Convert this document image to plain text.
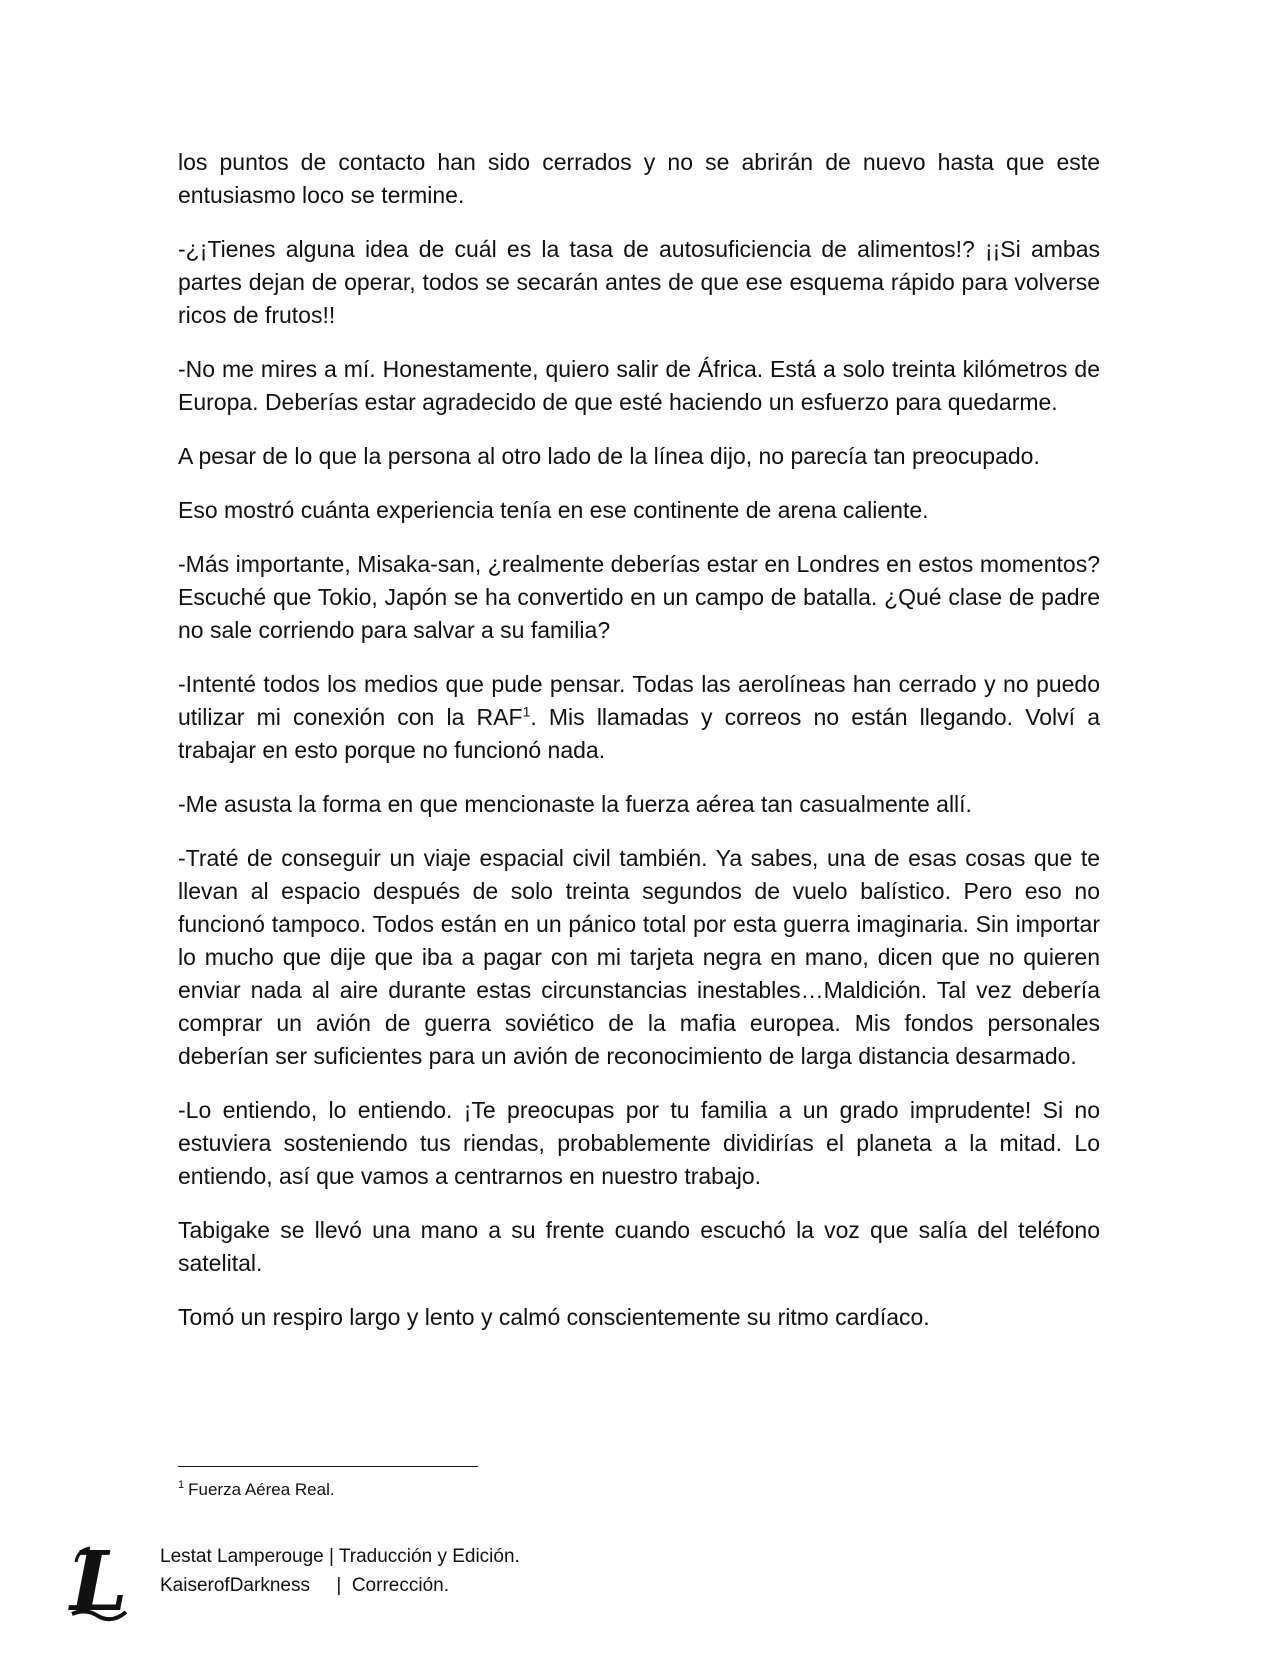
los puntos de contacto han sido cerrados y no se abrirán de nuevo hasta que este entusiasmo loco se termine.

-¿¡Tienes alguna idea de cuál es la tasa de autosuficiencia de alimentos!? ¡¡Si ambas partes dejan de operar, todos se secarán antes de que ese esquema rápido para volverse ricos de frutos!!

-No me mires a mí. Honestamente, quiero salir de África. Está a solo treinta kilómetros de Europa. Deberías estar agradecido de que esté haciendo un esfuerzo para quedarme.

A pesar de lo que la persona al otro lado de la línea dijo, no parecía tan preocupado.

Eso mostró cuánta experiencia tenía en ese continente de arena caliente.

-Más importante, Misaka-san, ¿realmente deberías estar en Londres en estos momentos? Escuché que Tokio, Japón se ha convertido en un campo de batalla. ¿Qué clase de padre no sale corriendo para salvar a su familia?

-Intenté todos los medios que pude pensar. Todas las aerolíneas han cerrado y no puedo utilizar mi conexión con la RAF$^1$. Mis llamadas y correos no están llegando. Volví a trabajar en esto porque no funcionó nada.

-Me asusta la forma en que mencionaste la fuerza aérea tan casualmente allí.

-Traté de conseguir un viaje espacial civil también. Ya sabes, una de esas cosas que te llevan al espacio después de solo treinta segundos de vuelo balístico. Pero eso no funcionó tampoco. Todos están en un pánico total por esta guerra imaginaria. Sin importar lo mucho que dije que iba a pagar con mi tarjeta negra en mano, dicen que no quieren enviar nada al aire durante estas circunstancias inestables…Maldición. Tal vez debería comprar un avión de guerra soviético de la mafia europea. Mis fondos personales deberían ser suficientes para un avión de reconocimiento de larga distancia desarmado.

-Lo entiendo, lo entiendo. ¡Te preocupas por tu familia a un grado imprudente! Si no estuviera sosteniendo tus riendas, probablemente dividirías el planeta a la mitad. Lo entiendo, así que vamos a centrarnos en nuestro trabajo.

Tabigake se llevó una mano a su frente cuando escuchó la voz que salía del teléfono satelital.

Tomó un respiro largo y lento y calmó conscientemente su ritmo cardíaco.

$^1$ Fuerza Aérea Real.
L Lestat Lamperouge | Traducción y Edición.
KaiserofDarkness     |  Corrección.
